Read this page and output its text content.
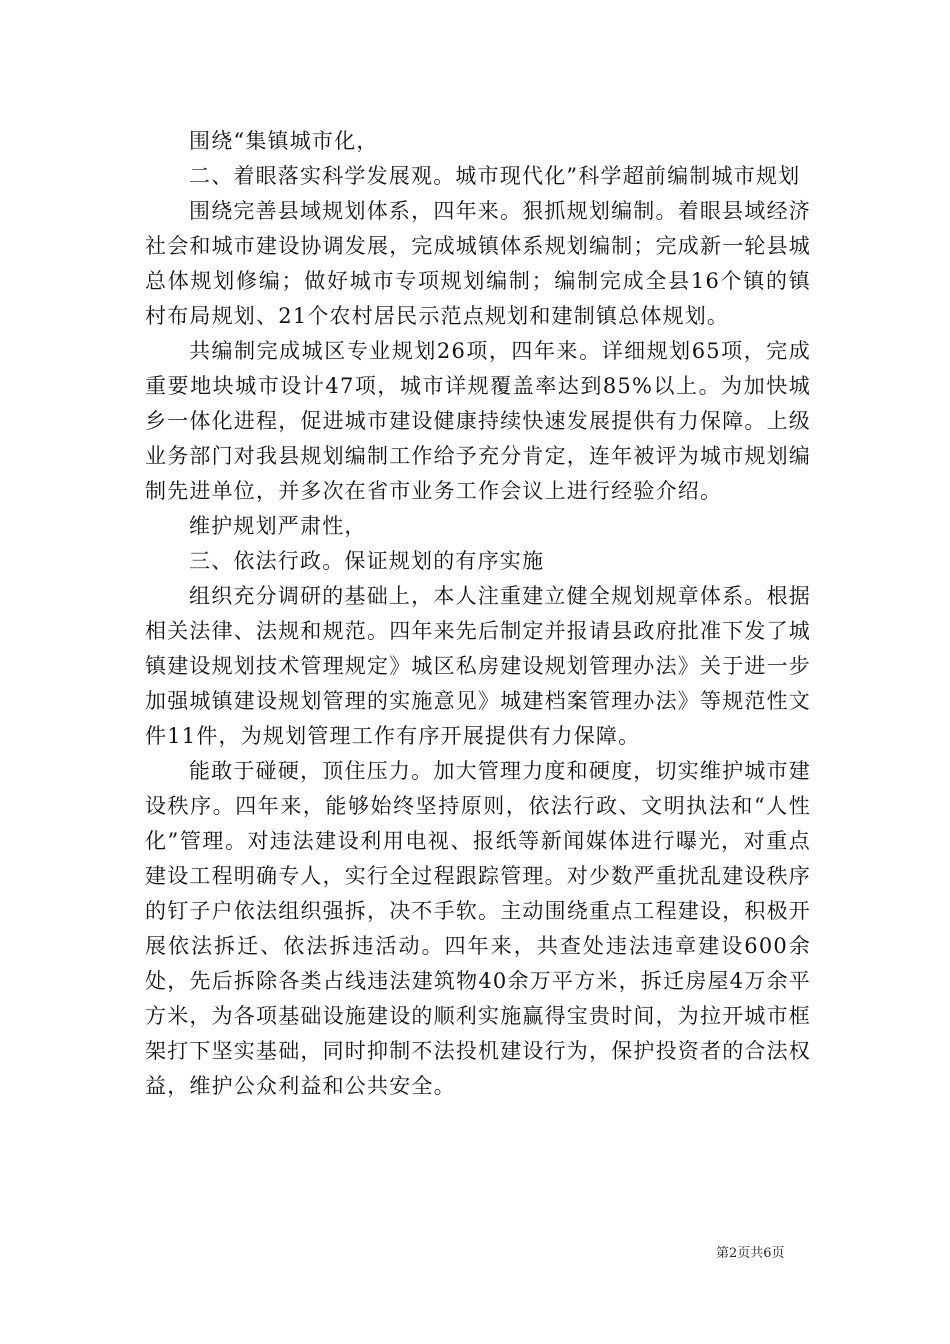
围绕“集镇城市化，

二、着眼落实科学发展观。城市现代化”科学超前编制城市规划

围绕完善县域规划体系，四年来。狠抓规划编制。着眼县域经济社会和城市建设协调发展，完成城镇体系规划编制；完成新一轮县城总体规划修编；做好城市专项规划编制；编制完成全县16个镇的镇村布局规划、21个农村居民示范点规划和建制镇总体规划。

共编制完成城区专业规划26项，四年来。详细规划65项，完成重要地块城市设计47项，城市详规覆盖率达到85%以上。为加快城乡一体化进程，促进城市建设健康持续快速发展提供有力保障。上级业务部门对我县规划编制工作给予充分肯定，连年被评为城市规划编制先进单位，并多次在省市业务工作会议上进行经验介绍。

维护规划严肃性，

三、依法行政。保证规划的有序实施

组织充分调研的基础上，本人注重建立健全规划规章体系。根据相关法律、法规和规范。四年来先后制定并报请县政府批准下发了城镇建设规划技术管理规定》城区私房建设规划管理办法》关于进一步加强城镇建设规划管理的实施意见》城建档案管理办法》等规范性文件11件，为规划管理工作有序开展提供有力保障。

能敢于碰硬，顶住压力。加大管理力度和硬度，切实维护城市建设秩序。四年来，能够始终坚持原则，依法行政、文明执法和“人性化”管理。对违法建设利用电视、报纸等新闻媒体进行曝光，对重点建设工程明确专人，实行全过程跟踪管理。对少数严重扰乱建设秩序的钉子户依法组织强拆，决不手软。主动围绕重点工程建设，积极开展依法拆迁、依法拆违活动。四年来，共查处违法违章建设600余处，先后拆除各类占线违法建筑物40余万平方米，拆迁房屋4万余平方米，为各项基础设施建设的顺利实施赢得宝贵时间，为拉开城市框架打下坚实基础，同时抑制不法投机建设行为，保护投资者的合法权益，维护公众利益和公共安全。

第2页共6页
